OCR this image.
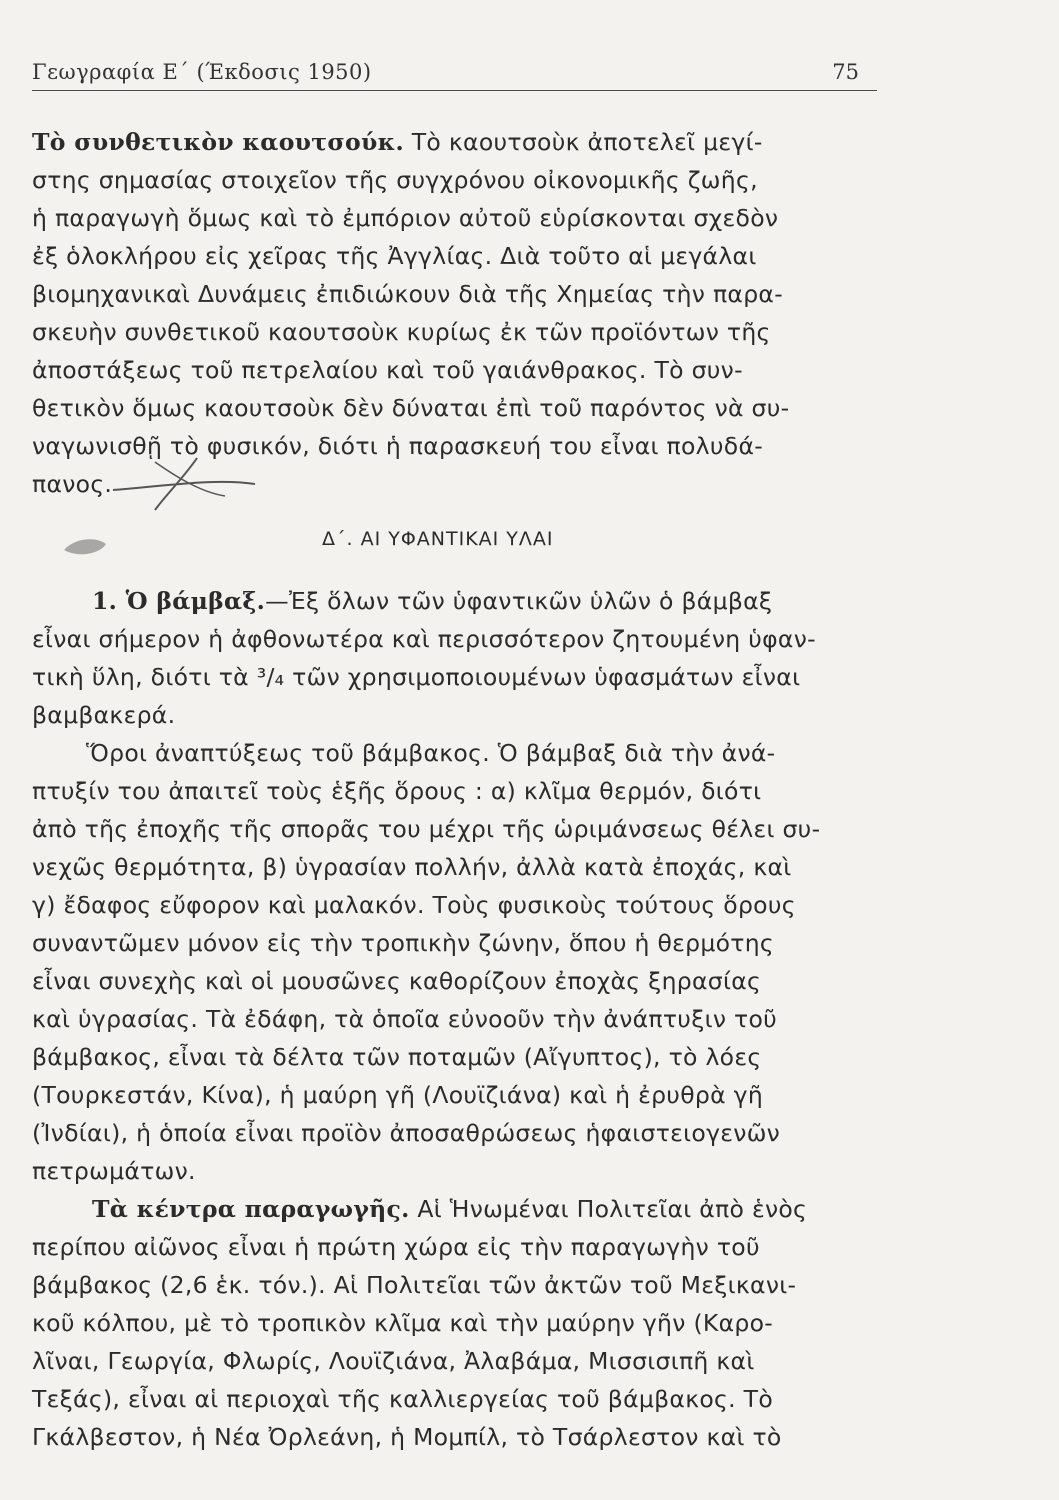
Γεωγραφία Ε΄ (Έκδοσις 1950)	75
Τὸ συνθετικὸν καουτσούκ. Τὸ καουτσοὺκ ἀποτελεῖ μεγί-
στης σημασίας στοιχεῖον τῆς συγχρόνου οἰκονομικῆς ζωῆς,
ἡ παραγωγὴ ὅμως καὶ τὸ ἐμπόριον αὐτοῦ εὑρίσκονται σχεδὸν
ἐξ ὁλοκλήρου εἰς χεῖρας τῆς Ἀγγλίας. Διὰ τοῦτο αἱ μεγάλαι
βιομηχανικαὶ Δυνάμεις ἐπιδιώκουν διὰ τῆς Χημείας τὴν παρα-
σκευὴν συνθετικοῦ καουτσοὺκ κυρίως ἐκ τῶν προϊόντων τῆς
ἀποστάξεως τοῦ πετρελαίου καὶ τοῦ γαιάνθρακος. Τὸ συν-
θετικὸν ὅμως καουτσοὺκ δὲν δύναται ἐπὶ τοῦ παρόντος νὰ συ-
ναγωνισθῇ τὸ φυσικόν, διότι ἡ παρασκευή του εἶναι πολυδά-
πανος.
Δ΄. ΑΙ ΥΦΑΝΤΙΚΑΙ ΥΛΑΙ
1. Ὁ βάμβαξ.—Ἐξ ὅλων τῶν ὑφαντικῶν ὑλῶν ὁ βάμβαξ
εἶναι σήμερον ἡ ἀφθονωτέρα καὶ περισσότερον ζητουμένη ὑφαν-
τικὴ ὕλη, διότι τὰ ³/₄ τῶν χρησιμοποιουμένων ὑφασμάτων εἶναι
βαμβακερά.
Ὅροι ἀναπτύξεως τοῦ βάμβακος. Ὁ βάμβαξ διὰ τὴν ἀνά-
πτυξίν του ἀπαιτεῖ τοὺς ἑξῆς ὅρους : α) κλῖμα θερμόν, διότι
ἀπὸ τῆς ἐποχῆς τῆς σπορᾶς του μέχρι τῆς ὡριμάνσεως θέλει συ-
νεχῶς θερμότητα, β) ὑγρασίαν πολλήν, ἀλλὰ κατὰ ἐποχάς, καὶ
γ) ἔδαφος εὔφορον καὶ μαλακόν. Τοὺς φυσικοὺς τούτους ὅρους
συναντῶμεν μόνον εἰς τὴν τροπικὴν ζώνην, ὅπου ἡ θερμότης
εἶναι συνεχὴς καὶ οἱ μουσῶνες καθορίζουν ἐποχὰς ξηρασίας
καὶ ὑγρασίας. Τὰ ἐδάφη, τὰ ὁποῖα εὐνοοῦν τὴν ἀνάπτυξιν τοῦ
βάμβακος, εἶναι τὰ δέλτα τῶν ποταμῶν (Αἴγυπτος), τὸ λόες
(Τουρκεστάν, Κίνα), ἡ μαύρη γῆ (Λουϊζιάνα) καὶ ἡ ἐρυθρὰ γῆ
(Ἰνδίαι), ἡ ὁποία εἶναι προϊὸν ἀποσαθρώσεως ἡφαιστειογενῶν
πετρωμάτων.
Τὰ κέντρα παραγωγῆς. Αἱ Ἡνωμέναι Πολιτεῖαι ἀπὸ ἑνὸς
περίπου αἰῶνος εἶναι ἡ πρώτη χώρα εἰς τὴν παραγωγὴν τοῦ
βάμβακος (2,6 ἑκ. τόν.). Αἱ Πολιτεῖαι τῶν ἀκτῶν τοῦ Μεξικανι-
κοῦ κόλπου, μὲ τὸ τροπικὸν κλῖμα καὶ τὴν μαύρην γῆν (Καρο-
λῖναι, Γεωργία, Φλωρίς, Λουϊζιάνα, Ἀλαβάμα, Μισσισιπῆ καὶ
Τεξάς), εἶναι αἱ περιοχαὶ τῆς καλλιεργείας τοῦ βάμβακος. Τὸ
Γκάλβεστον, ἡ Νέα Ὀρλεάνη, ἡ Μομπίλ, τὸ Τσάρλεστον καὶ τὸ
